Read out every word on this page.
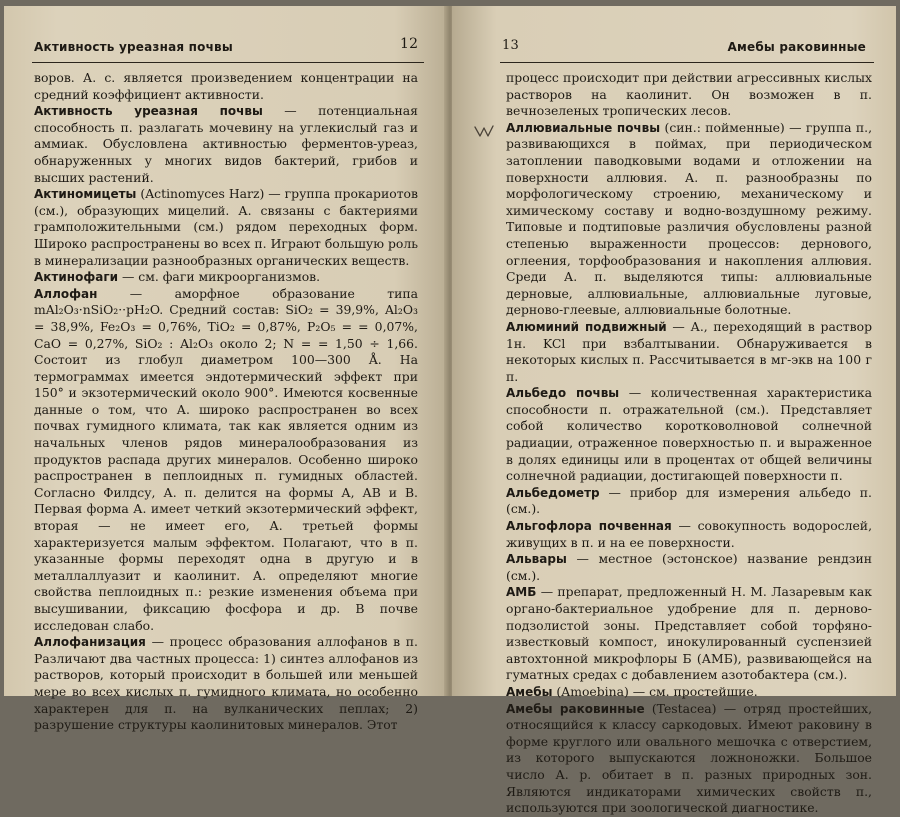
Активность уреазная почвы	12

воров. А. с. является произведением концентрации на средний коэффициент активности.

Активность уреазная почвы — потенциальная способность п. разлагать мочевину на углекислый газ и аммиак. Обусловлена активностью ферментов-уреаз, обнаруженных у многих видов бактерий, грибов и высших растений.

Актиномицеты (Actinomyces Harz) — группа прокариотов (см.), образующих мицелий. А. связаны с бактериями грамположительными (см.) рядом переходных форм. Широко распространены во всех п. Играют большую роль в минерализации разнообразных органических веществ.

Актинофаги — см. фаги микроорганизмов.

Аллофан — аморфное образование типа mAl₂O₃·nSiO₂··pH₂O. Средний состав: SiO₂ = 39,9%, Al₂O₃ = 38,9%, Fe₂O₃ = 0,76%, TiO₂ = 0,87%, P₂O₅ = = 0,07%, CaO = 0,27%, SiO₂ : Al₂O₃ около 2; N = = 1,50 ÷ 1,66. Состоит из глобул диаметром 100—300 Å. На термограммах имеется эндотермический эффект при 150° и экзотермический около 900°. Имеются косвенные данные о том, что А. широко распространен во всех почвах гумидного климата, так как является одним из начальных членов рядов минералообразования из продуктов распада других минералов. Особенно широко распространен в пеплоидных п. гумидных областей. Согласно Филдсу, А. п. делится на формы А, АВ и В. Первая форма А. имеет четкий экзотермический эффект, вторая — не имеет его, А. третьей формы характеризуется малым эффектом. Полагают, что в п. указанные формы переходят одна в другую и в металлаллуазит и каолинит. А. определяют многие свойства пеплоидных п.: резкие изменения объема при высушивании, фиксацию фосфора и др. В почве исследован слабо.

Аллофанизация — процесс образования аллофанов в п. Различают два частных процесса: 1) синтез аллофанов из растворов, который происходит в большей или меньшей мере во всех кислых п. гумидного климата, но особенно характерен для п. на вулканических пеплах; 2) разрушение структуры каолинитовых минералов. Этот

13	Амебы раковинные

процесс происходит при действии агрессивных кислых растворов на каолинит. Он возможен в п. вечнозеленых тропических лесов.

Аллювиальные почвы (син.: пойменные) — группа п., развивающихся в поймах, при периодическом затоплении паводковыми водами и отложении на поверхности аллювия. А. п. разнообразны по морфологическому строению, механическому и химическому составу и водно-воздушному режиму. Типовые и подтиповые различия обусловлены разной степенью выраженности процессов: дернового, оглеения, торфообразования и накопления аллювия. Среди А. п. выделяются типы: аллювиальные дерновые, аллювиальные, аллювиальные луговые, дерново-глеевые, аллювиальные болотные.

Алюминий подвижный — А., переходящий в раствор 1н. KCl при взбалтывании. Обнаруживается в некоторых кислых п. Рассчитывается в мг-экв на 100 г п.

Альбедо почвы — количественная характеристика способности п. отражательной (см.). Представляет собой количество коротковолновой солнечной радиации, отраженное поверхностью п. и выраженное в долях единицы или в процентах от общей величины солнечной радиации, достигающей поверхности п.

Альбедометр — прибор для измерения альбедо п. (см.).

Альгофлора почвенная — совокупность водорослей, живущих в п. и на ее поверхности.

Альвары — местное (эстонское) название рендзин (см.).

АМБ — препарат, предложенный Н. М. Лазаревым как органо-бактериальное удобрение для п. дерново-подзолистой зоны. Представляет собой торфяно-известковый компост, инокулированный суспензией автохтонной микрофлоры Б (АМБ), развивающейся на гуматных средах с добавлением азотобактера (см.).

Амебы (Amoebina) — см. простейшие.

Амебы раковинные (Testacea) — отряд простейших, относящийся к классу саркодовых. Имеют раковину в форме круглого или овального мешочка с отверстием, из которого выпускаются ложноножки. Большое число А. р. обитает в п. разных природных зон. Являются индикаторами химических свойств п., используются при зоологической диагностике.
